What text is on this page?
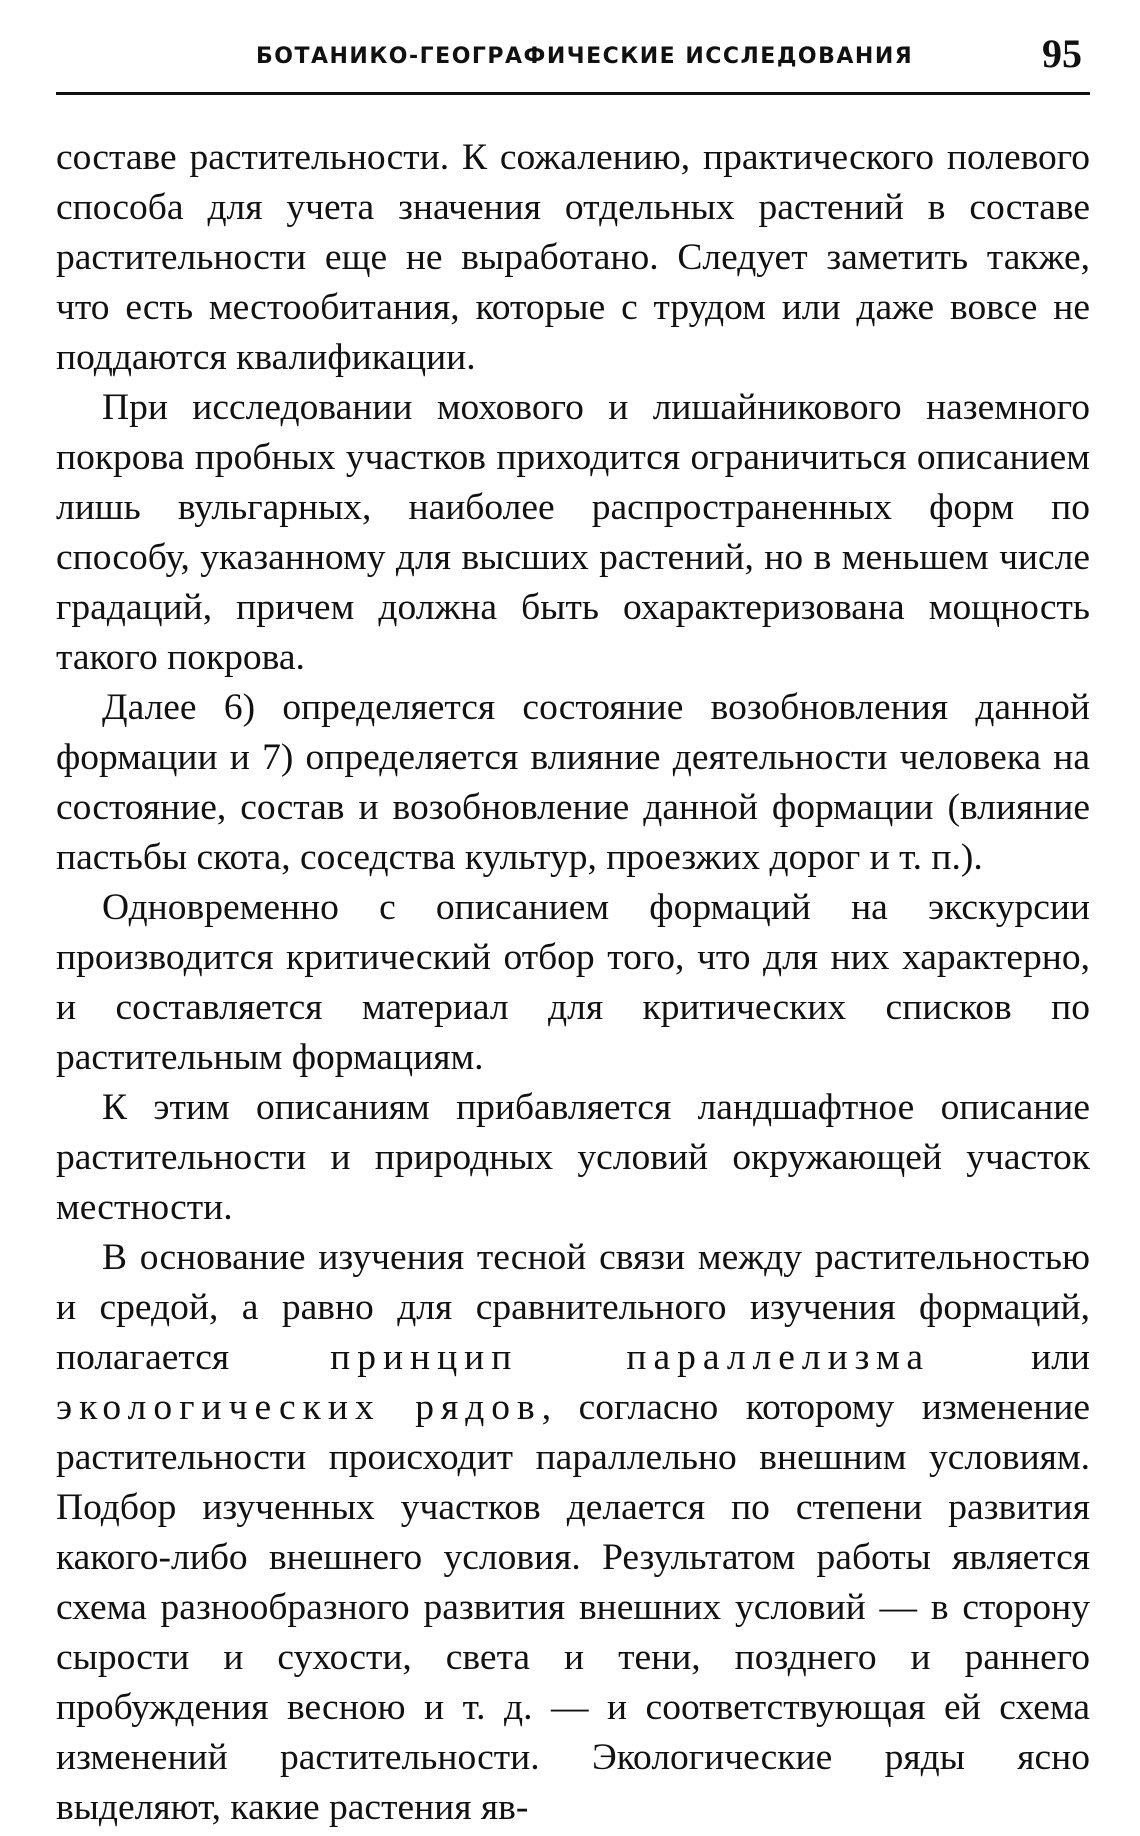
БОТАНИКО-ГЕОГРАФИЧЕСКИЕ ИССЛЕДОВАНИЯ	95

составе растительности. К сожалению, практического полевого способа для учета значения отдельных растений в составе растительности еще не выработано. Следует заметить также, что есть местообитания, которые с трудом или даже вовсе не поддаются квалификации.

При исследовании мохового и лишайникового наземного покрова пробных участков приходится ограничиться описанием лишь вульгарных, наиболее распространенных форм по способу, указанному для высших растений, но в меньшем числе градаций, причем должна быть охарактеризована мощность такого покрова.

Далее 6) определяется состояние возобновления данной формации и 7) определяется влияние деятельности человека на состояние, состав и возобновление данной формации (влияние пастьбы скота, соседства культур, проезжих дорог и т. п.).

Одновременно с описанием формаций на экскурсии производится критический отбор того, что для них характерно, и составляется материал для критических списков по растительным формациям.

К этим описаниям прибавляется ландшафтное описание растительности и природных условий окружающей участок местности.

В основание изучения тесной связи между растительностью и средой, а равно для сравнительного изучения формаций, полагается	принцип параллелизма	или экологических рядов, согласно которому изменение растительности происходит параллельно внешним условиям. Подбор изученных участков делается по степени развития какого-либо внешнего условия. Результатом работы является схема разнообразного развития внешних условий — в сторону сырости и сухости, света и тени, позднего и раннего пробуждения весною и т. д. — и соответствующая ей схема изменений растительности. Экологические ряды ясно выделяют, какие растения яв-
